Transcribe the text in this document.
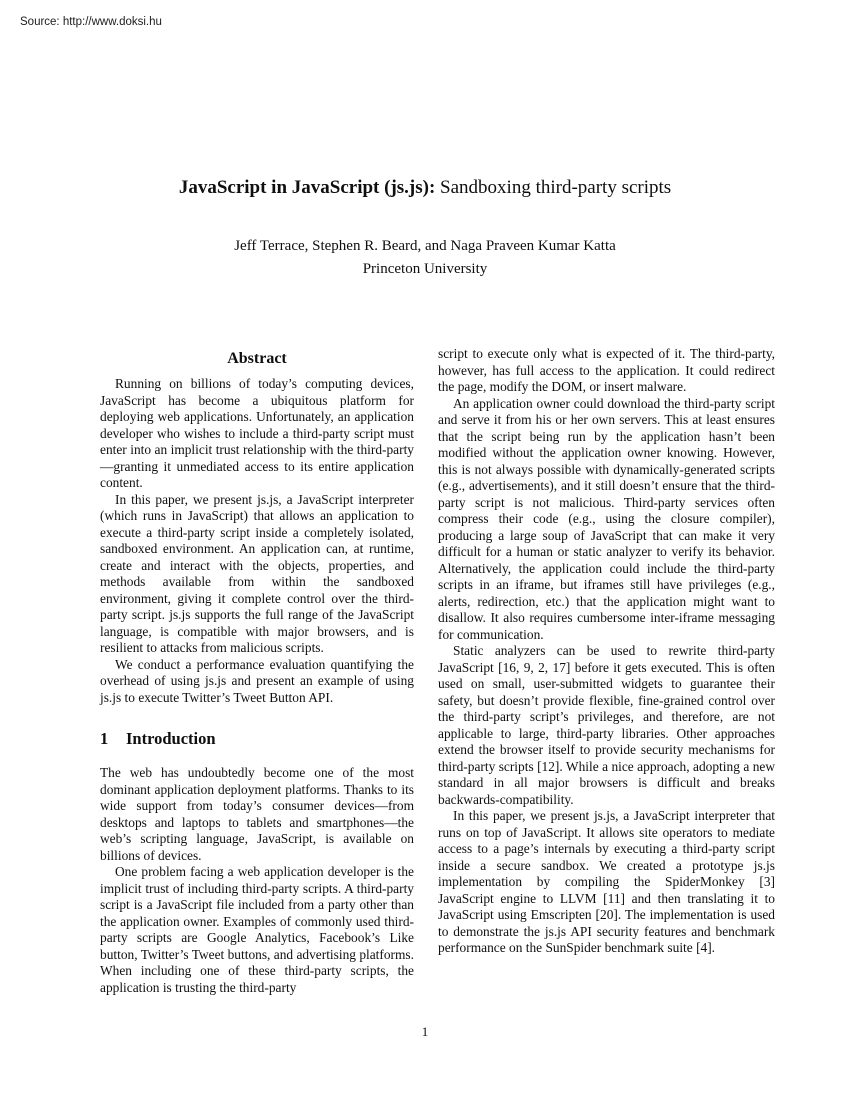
Source: http://www.doksi.hu
JavaScript in JavaScript (js.js): Sandboxing third-party scripts
Jeff Terrace, Stephen R. Beard, and Naga Praveen Kumar Katta
Princeton University
Abstract

Running on billions of today’s computing devices, JavaScript has become a ubiquitous platform for deploying web applications. Unfortunately, an application developer who wishes to include a third-party script must enter into an implicit trust relationship with the third-party—granting it unmediated access to its entire application content.

In this paper, we present js.js, a JavaScript interpreter (which runs in JavaScript) that allows an application to execute a third-party script inside a completely isolated, sandboxed environment. An application can, at runtime, create and interact with the objects, properties, and methods available from within the sandboxed environment, giving it complete control over the third-party script. js.js supports the full range of the JavaScript language, is compatible with major browsers, and is resilient to attacks from malicious scripts.

We conduct a performance evaluation quantifying the overhead of using js.js and present an example of using js.js to execute Twitter’s Tweet Button API.

1	Introduction

The web has undoubtedly become one of the most dominant application deployment platforms. Thanks to its wide support from today’s consumer devices—from desktops and laptops to tablets and smartphones—the web’s scripting language, JavaScript, is available on billions of devices.

One problem facing a web application developer is the implicit trust of including third-party scripts. A third-party script is a JavaScript file included from a party other than the application owner. Examples of commonly used third-party scripts are Google Analytics, Facebook’s Like button, Twitter’s Tweet buttons, and advertising platforms. When including one of these third-party scripts, the application is trusting the third-party

script to execute only what is expected of it. The third-party, however, has full access to the application. It could redirect the page, modify the DOM, or insert malware.

An application owner could download the third-party script and serve it from his or her own servers. This at least ensures that the script being run by the application hasn’t been modified without the application owner knowing. However, this is not always possible with dynamically-generated scripts (e.g., advertisements), and it still doesn’t ensure that the third-party script is not malicious. Third-party services often compress their code (e.g., using the closure compiler), producing a large soup of JavaScript that can make it very difficult for a human or static analyzer to verify its behavior. Alternatively, the application could include the third-party scripts in an iframe, but iframes still have privileges (e.g., alerts, redirection, etc.) that the application might want to disallow. It also requires cumbersome inter-iframe messaging for communication.

Static analyzers can be used to rewrite third-party JavaScript [16, 9, 2, 17] before it gets executed. This is often used on small, user-submitted widgets to guarantee their safety, but doesn’t provide flexible, fine-grained control over the third-party script’s privileges, and therefore, are not applicable to large, third-party libraries. Other approaches extend the browser itself to provide security mechanisms for third-party scripts [12]. While a nice approach, adopting a new standard in all major browsers is difficult and breaks backwards-compatibility.

In this paper, we present js.js, a JavaScript interpreter that runs on top of JavaScript. It allows site operators to mediate access to a page’s internals by executing a third-party script inside a secure sandbox. We created a prototype js.js implementation by compiling the SpiderMonkey [3] JavaScript engine to LLVM [11] and then translating it to JavaScript using Emscripten [20]. The implementation is used to demonstrate the js.js API security features and benchmark performance on the SunSpider benchmark suite [4].

1
